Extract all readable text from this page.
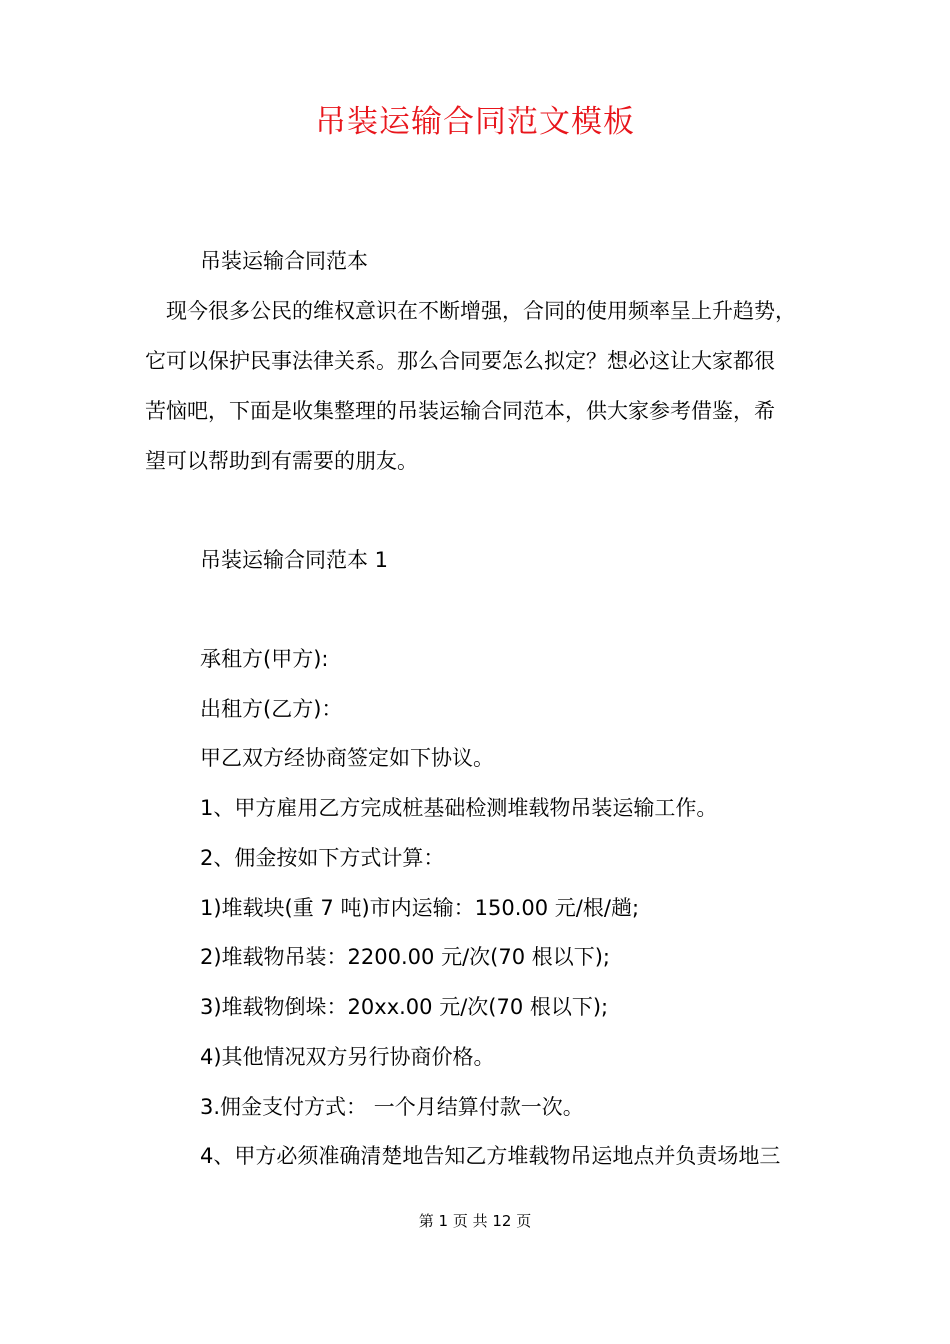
吊装运输合同范文模板
吊装运输合同范本
现今很多公民的维权意识在不断增强，合同的使用频率呈上升趋势，
它可以保护民事法律关系。那么合同要怎么拟定？想必这让大家都很
苦恼吧，下面是收集整理的吊装运输合同范本，供大家参考借鉴，希
望可以帮助到有需要的朋友。
吊装运输合同范本 1
承租方(甲方):
出租方(乙方)：
甲乙双方经协商签定如下协议。
1、甲方雇用乙方完成桩基础检测堆载物吊装运输工作。
2、佣金按如下方式计算：
1)堆载块(重 7 吨)市内运输：150.00 元/根/趟;
2)堆载物吊装：2200.00 元/次(70 根以下);
3)堆载物倒垛：20xx.00 元/次(70 根以下);
4)其他情况双方另行协商价格。
3.佣金支付方式： 一个月结算付款一次。
4、甲方必须准确清楚地告知乙方堆载物吊运地点并负责场地三
第 1 页 共 12 页
